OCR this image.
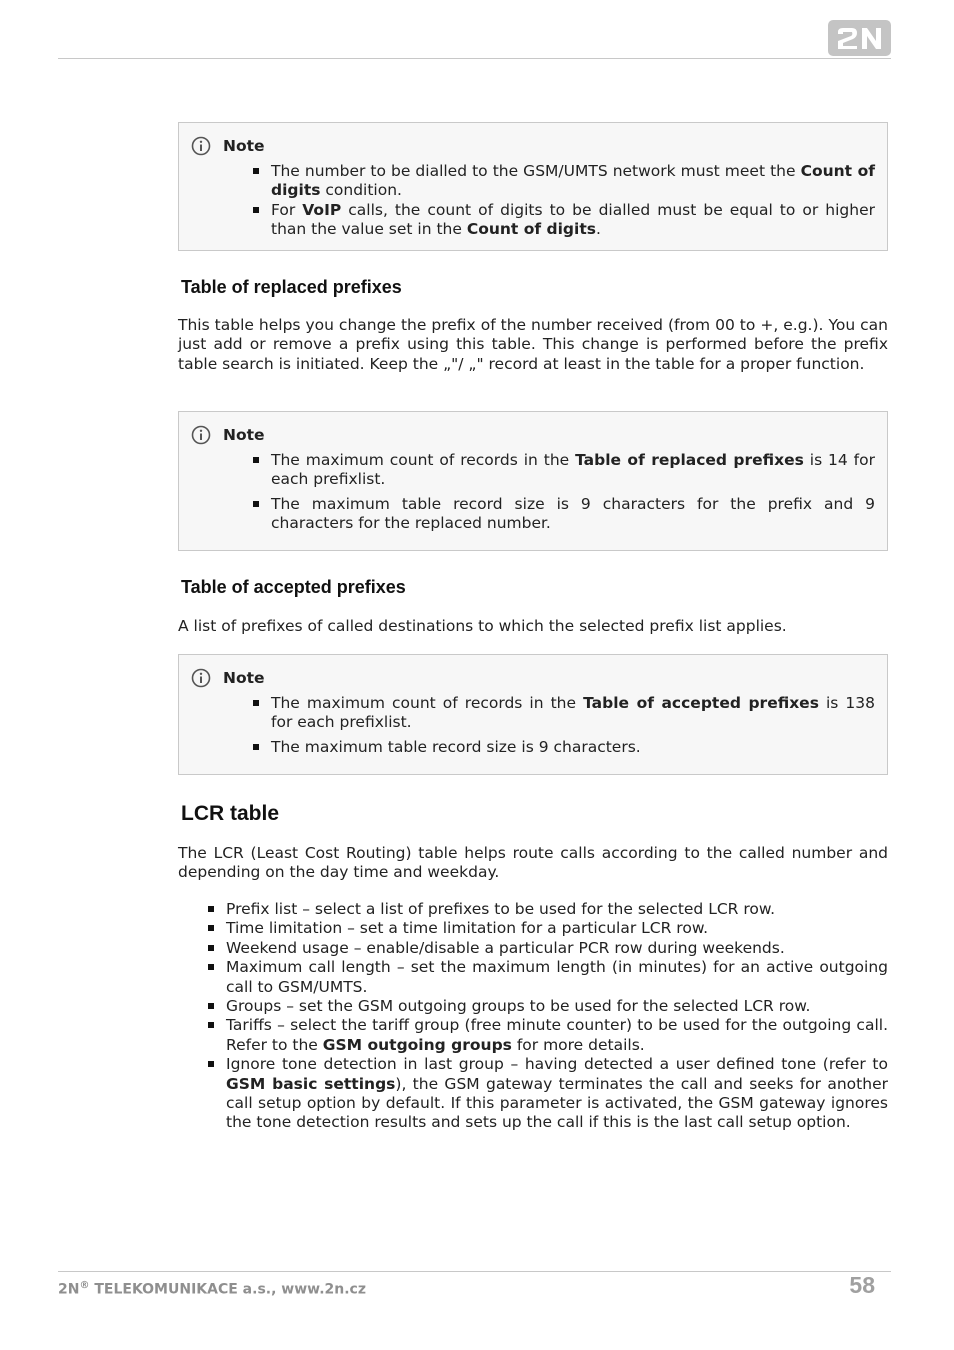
Note
The number to be dialled to the GSM/UMTS network must meet the Count of digits condition.
For VoIP calls, the count of digits to be dialled must be equal to or higher than the value set in the Count of digits.
Table of replaced prefixes

This table helps you change the prefix of the number received (from 00 to +, e.g.). You can just add or remove a prefix using this table. This change is performed before the prefix table search is initiated. Keep the „"/ „" record at least in the table for a proper function.

Note
The maximum count of records in the Table of replaced prefixes is 14 for each prefixlist.
The maximum table record size is 9 characters for the prefix and 9 characters for the replaced number.
Table of accepted prefixes

A list of prefixes of called destinations to which the selected prefix list applies.

Note
The maximum count of records in the Table of accepted prefixes is 138 for each prefixlist.
The maximum table record size is 9 characters.
LCR table

The LCR (Least Cost Routing) table helps route calls according to the called number and depending on the day time and weekday.

Prefix list – select a list of prefixes to be used for the selected LCR row.
Time limitation – set a time limitation for a particular LCR row.
Weekend usage – enable/disable a particular PCR row during weekends.
Maximum call length – set the maximum length (in minutes) for an active outgoing call to GSM/UMTS.
Groups – set the GSM outgoing groups to be used for the selected LCR row.
Tariffs – select the tariff group (free minute counter) to be used for the outgoing call. Refer to the GSM outgoing groups for more details.
Ignore tone detection in last group – having detected a user defined tone (refer to GSM basic settings), the GSM gateway terminates the call and seeks for another call setup option by default. If this parameter is activated, the GSM gateway ignores the tone detection results and sets up the call if this is the last call setup option.
2N® TELEKOMUNIKACE a.s., www.2n.cz	58
